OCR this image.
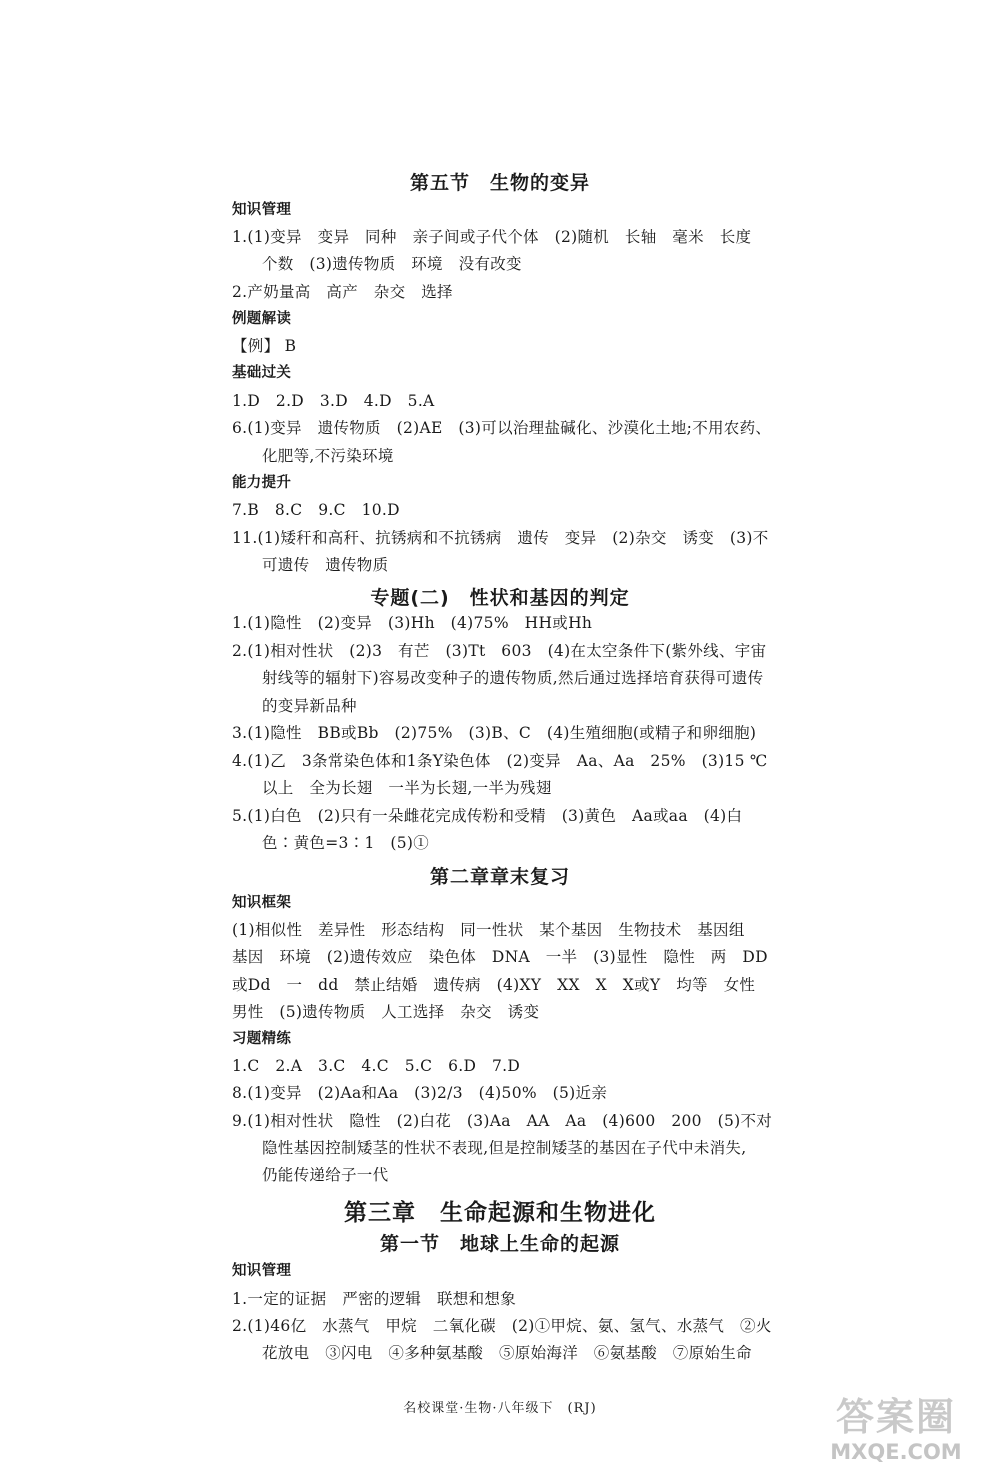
第五节　生物的变异
知识管理
1.(1)变异　变异　同种　亲子间或子代个体　(2)随机　长轴　毫米　长度
个数　(3)遗传物质　环境　没有改变
2.产奶量高　高产　杂交　选择
例题解读
【例】 B
基础过关
1.D　2.D　3.D　4.D　5.A
6.(1)变异　遗传物质　(2)AE　(3)可以治理盐碱化、沙漠化土地;不用农药、
化肥等,不污染环境
能力提升
7.B　8.C　9.C　10.D
11.(1)矮秆和高秆、抗锈病和不抗锈病　遗传　变异　(2)杂交　诱变　(3)不
可遗传　遗传物质
专题(二)　性状和基因的判定
1.(1)隐性　(2)变异　(3)Hh　(4)75%　HH或Hh
2.(1)相对性状　(2)3　有芒　(3)Tt　603　(4)在太空条件下(紫外线、宇宙
射线等的辐射下)容易改变种子的遗传物质,然后通过选择培育获得可遗传
的变异新品种
3.(1)隐性　BB或Bb　(2)75%　(3)B、C　(4)生殖细胞(或精子和卵细胞)
4.(1)乙　3条常染色体和1条Y染色体　(2)变异　Aa、Aa　25%　(3)15 ℃
以上　全为长翅　一半为长翅,一半为残翅
5.(1)白色　(2)只有一朵雌花完成传粉和受精　(3)黄色　Aa或aa　(4)白
色∶黄色=3∶1　(5)①
第二章章末复习
知识框架
(1)相似性　差异性　形态结构　同一性状　某个基因　生物技术　基因组
基因　环境　(2)遗传效应　染色体　DNA　一半　(3)显性　隐性　两　DD
或Dd　一　dd　禁止结婚　遗传病　(4)XY　XX　X　X或Y　均等　女性
男性　(5)遗传物质　人工选择　杂交　诱变
习题精练
1.C　2.A　3.C　4.C　5.C　6.D　7.D
8.(1)变异　(2)Aa和Aa　(3)2/3　(4)50%　(5)近亲
9.(1)相对性状　隐性　(2)白花　(3)Aa　AA　Aa　(4)600　200　(5)不对
隐性基因控制矮茎的性状不表现,但是控制矮茎的基因在子代中未消失,
仍能传递给子一代
第三章　生命起源和生物进化
第一节　地球上生命的起源
知识管理
1.一定的证据　严密的逻辑　联想和想象
2.(1)46亿　水蒸气　甲烷　二氧化碳　(2)①甲烷、氨、氢气、水蒸气　②火
花放电　③闪电　④多种氨基酸　⑤原始海洋　⑥氨基酸　⑦原始生命
名校课堂·生物·八年级下　(RJ)	答案圈
MXQE.COM
